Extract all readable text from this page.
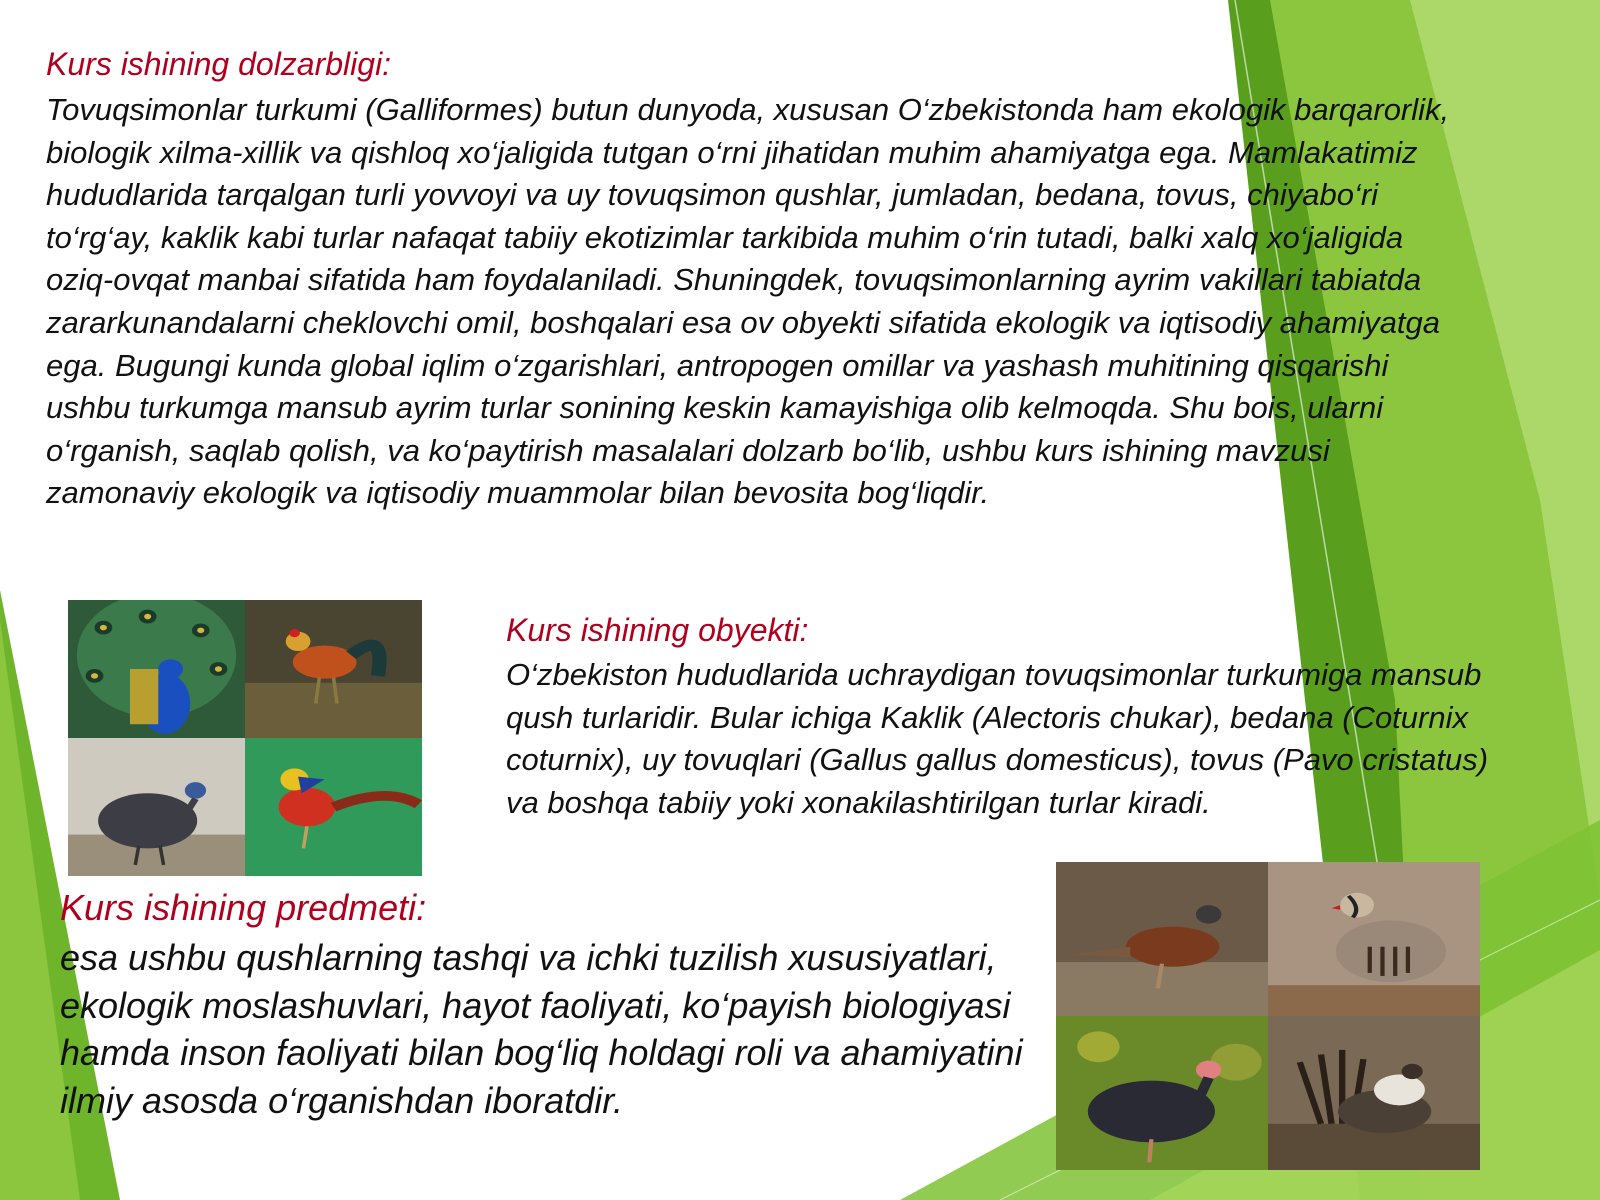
Kurs ishining dolzarbligi:

Tovuqsimonlar turkumi (Galliformes) butun dunyoda, xususan O‘zbekistonda ham ekologik barqarorlik, biologik xilma-xillik va qishloq xo‘jaligida tutgan o‘rni jihatidan muhim ahamiyatga ega. Mamlakatimiz hududlarida tarqalgan turli yovvoyi va uy tovuqsimon qushlar, jumladan, bedana, tovus, chiyabo‘ri to‘rg‘ay, kaklik kabi turlar nafaqat tabiiy ekotizimlar tarkibida muhim o‘rin tutadi, balki xalq xo‘jaligida oziq-ovqat manbai sifatida ham foydalaniladi. Shuningdek, tovuqsimonlarning ayrim vakillari tabiatda zararkunandalarni cheklovchi omil, boshqalari esa ov obyekti sifatida ekologik va iqtisodiy ahamiyatga ega. Bugungi kunda global iqlim o‘zgarishlari, antropogen omillar va yashash muhitining qisqarishi ushbu turkumga mansub ayrim turlar sonining keskin kamayishiga olib kelmoqda. Shu bois, ularni o‘rganish, saqlab qolish, va ko‘paytirish masalalari dolzarb bo‘lib, ushbu kurs ishining mavzusi zamonaviy ekologik va iqtisodiy muammolar bilan bevosita bog‘liqdir.

Kurs ishining obyekti:

O‘zbekiston hududlarida uchraydigan tovuqsimonlar turkumiga mansub qush turlaridir. Bular ichiga Kaklik (Alectoris chukar), bedana (Coturnix coturnix), uy tovuqlari (Gallus gallus domesticus), tovus (Pavo cristatus) va boshqa tabiiy yoki xonakilashtirilgan turlar kiradi.

Kurs ishining predmeti:

esa ushbu qushlarning tashqi va ichki tuzilish xususiyatlari, ekologik moslashuvlari, hayot faoliyati, ko‘payish biologiyasi hamda inson faoliyati bilan bog‘liq holdagi roli va ahamiyatini ilmiy asosda o‘rganishdan iboratdir.
